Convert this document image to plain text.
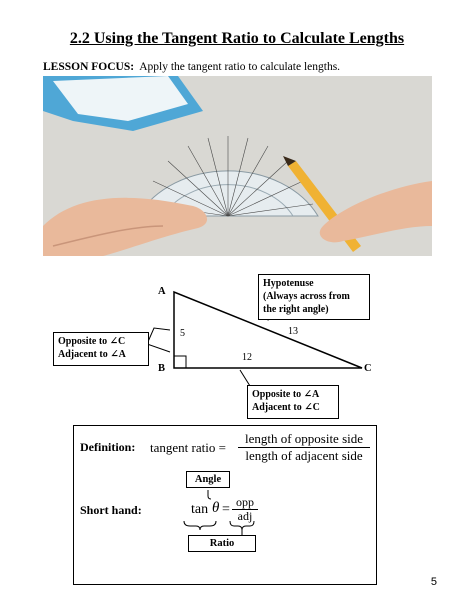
2.2 Using the Tangent Ratio to Calculate Lengths
LESSON FOCUS: Apply the tangent ratio to calculate lengths.
A
B	C
5
12
13
Hypotenuse
(Always across from
the right angle)
Opposite to ∠C
Adjacent to ∠A
Opposite to ∠A
Adjacent to ∠C
Definition: tangent ratio =
length of opposite side
length of adjacent side
Angle
Short hand:	tan θ = opp
adj
Ratio
5
